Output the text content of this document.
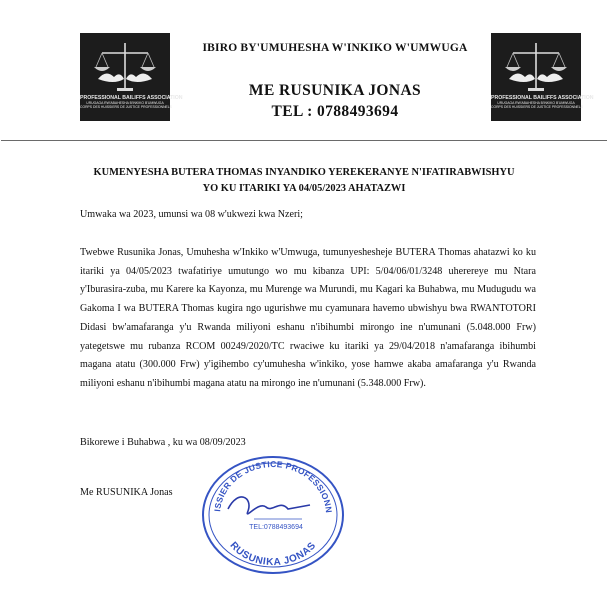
PROFESSIONAL BAILIFFS ASSOCIATION
URUGAGA RW'ABAHESHA B'INKIKO B'UMWUGA
CORPS DES HUISSIERS DE JUSTICE PROFESSIONNELS
PROFESSIONAL BAILIFFS ASSOCIATION
URUGAGA RW'ABAHESHA B'INKIKO B'UMWUGA
CORPS DES HUISSIERS DE JUSTICE PROFESSIONNELS
IBIRO BY'UMUHESHA W'INKIKO W'UMWUGA
ME RUSUNIKA JONAS
TEL : 0788493694
KUMENYESHA BUTERA THOMAS INYANDIKO YEREKERANYE N'IFATIRABWISHYU
YO KU ITARIKI YA 04/05/2023 AHATAZWI
Umwaka wa 2023, umunsi wa 08 w'ukwezi kwa Nzeri;
Twebwe Rusunika Jonas, Umuhesha w'Inkiko w'Umwuga, tumunyeshesheje BUTERA Thomas ahatazwi ko ku itariki ya 04/05/2023 twafatiriye umutungo wo mu kibanza UPI: 5/04/06/01/3248 uherereye mu Ntara y'Iburasira-zuba, mu Karere ka Kayonza, mu Murenge wa Murundi, mu Kagari ka Buhabwa, mu Mudugudu wa Gakoma I wa BUTERA Thomas kugira ngo ugurishwe mu cyamunara havemo ubwishyu bwa RWANTOTORI Didasi bw'amafaranga y'u Rwanda miliyoni eshanu n'ibihumbi mirongo ine n'umunani (5.048.000 Frw) yategetswe mu rubanza RCOM 00249/2020/TC rwaciwe ku itariki ya 29/04/2018 n'amafaranga ibihumbi magana atatu (300.000 Frw) y'igihembo cy'umuhesha w'inkiko, yose hamwe akaba amafaranga y'u Rwanda miliyoni eshanu n'ibihumbi magana atatu na mirongo ine n'umunani (5.348.000 Frw).
Bikorewe i Buhabwa , ku wa 08/09/2023
Me RUSUNIKA Jonas
ISSIER DE JUSTICE PROFESSIONN
RUSUNIKA JONAS
TEL:0788493694
